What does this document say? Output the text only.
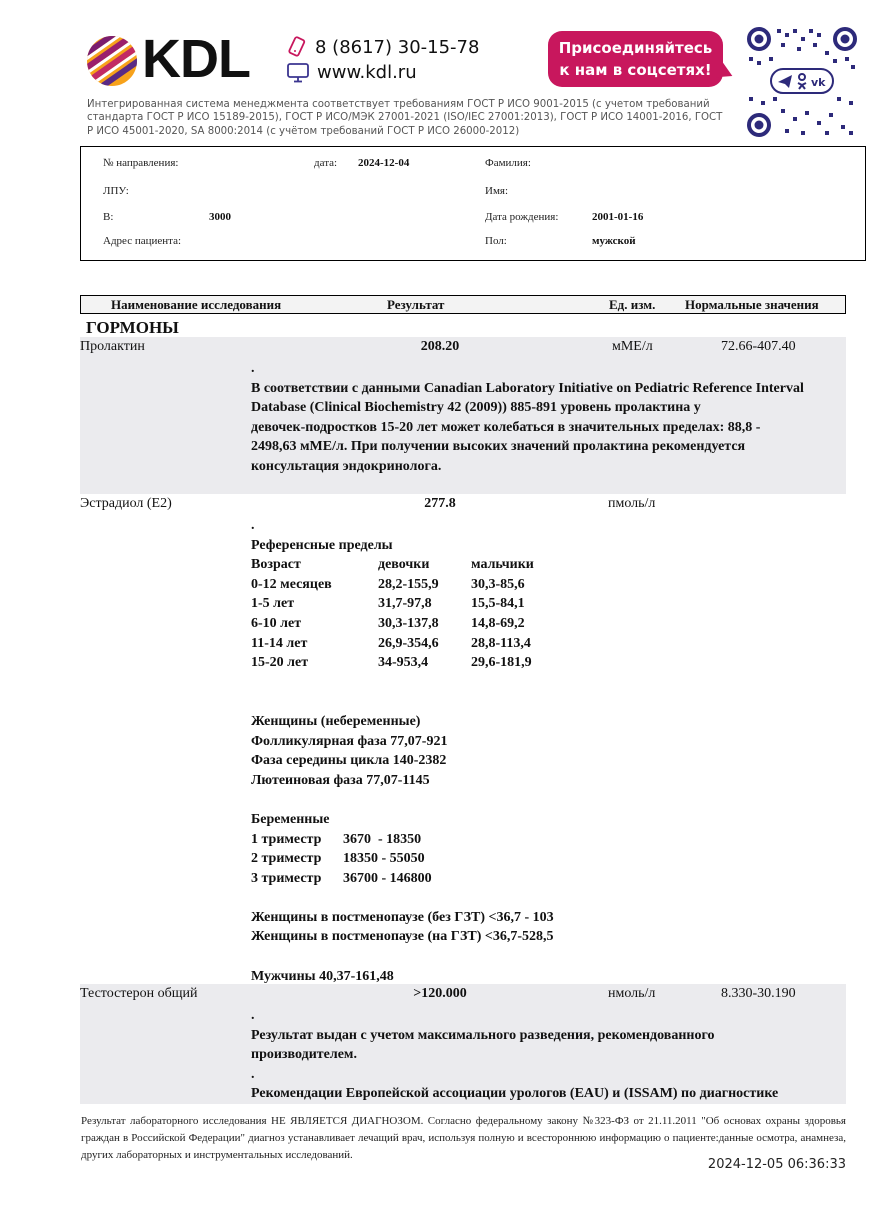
KDL	8 (8617) 30-15-78
www.kdl.ru
Присоединяйтесь
к нам в соцсетях!
vk
Интегрированная система менеджмента соответствует требованиям ГОСТ Р ИСО 9001-2015 (с учетом требований стандарта ГОСТ Р ИСО 15189-2015), ГОСТ Р ИСО/МЭК 27001-2021 (ISO/IEC 27001:2013), ГОСТ Р ИСО 14001-2016, ГОСТ Р ИСО 45001-2020, SA 8000:2014 (с учётом требований ГОСТ Р ИСО 26000-2012)
№ направления:	дата: 2024-12-04
ЛПУ:
В:	3000
Адрес пациента:
Фамилия:
Имя:
Дата рождения:	2001-01-16
Пол:	мужской
Наименование исследования	Результат	Ед. изм. Нормальные значения
ГОРМОНЫ
Пролактин	208.20	мМЕ/л	72.66-407.40
.
В соответствии с данными Canadian Laboratory Initiative on Pediatric Reference Interval
Database (Clinical Biochemistry 42 (2009)) 885-891 уровень пролактина у
девочек-подростков 15-20 лет может колебаться в значительных пределах: 88,8 -
2498,63 мМЕ/л. При получении высоких значений пролактина рекомендуется
консультация эндокринолога.
Эстрадиол (Е2)	277.8	пмоль/л
.
Референсные пределы
Возраст	девочки	мальчики
0-12 месяцев	28,2-155,9	30,3-85,6
1-5 лет	31,7-97,8	15,5-84,1
6-10 лет	30,3-137,8	14,8-69,2
11-14 лет	26,9-354,6	28,8-113,4
15-20 лет	34-953,4	29,6-181,9
Женщины (небеременные)
Фолликулярная фаза 77,07-921
Фаза середины цикла 140-2382
Лютеиновая фаза 77,07-1145
Беременные
1 триместр	3670  - 18350
2 триместр	18350 - 55050
3 триместр	36700 - 146800
Женщины в постменопаузе (без ГЗТ) <36,7 - 103
Женщины в постменопаузе (на ГЗТ) <36,7-528,5
Мужчины 40,37-161,48
Тестостерон общий	>120.000	нмоль/л	8.330-30.190
.
Результат выдан с учетом максимального разведения, рекомендованного
производителем.
.
Рекомендации Европейской ассоциации урологов (EAU) и (ISSAM) по диагностике
Результат лабораторного исследования НЕ ЯВЛЯЕТСЯ ДИАГНОЗОМ. Согласно федеральному закону №323-ФЗ от 21.11.2011 "Об основах охраны здоровья граждан в Российской Федерации" диагноз устанавливает лечащий врач, используя полную и всестороннюю информацию о пациенте:данные осмотра, анамнеза, других лабораторных и инструментальных исследований.
2024-12-05 06:36:33
